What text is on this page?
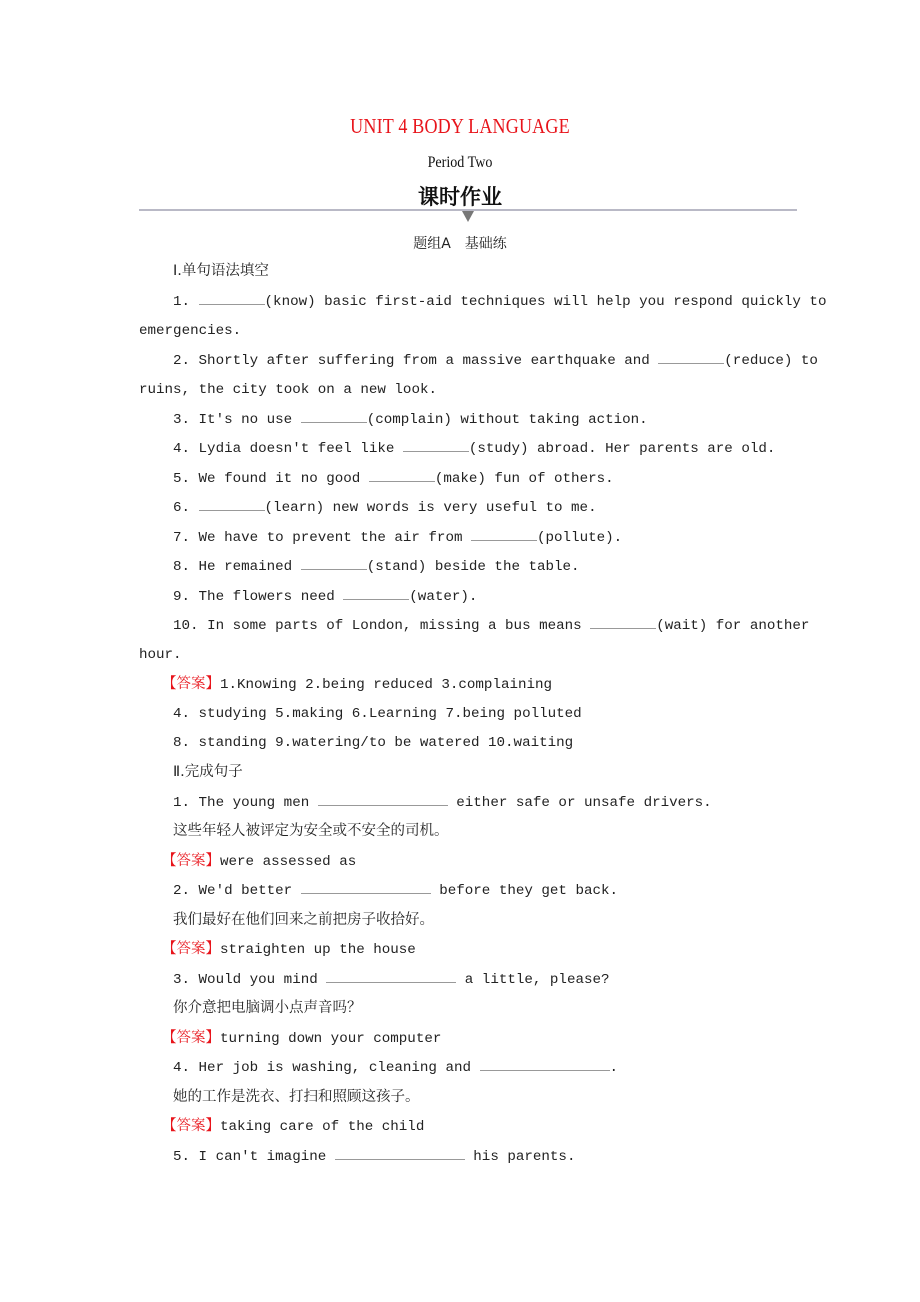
UNIT 4 BODY LANGUAGE
Period Two
课时作业
题组A　基础练
Ⅰ.单句语法填空
1.	(know) basic first-aid techniques will help you respond quickly to
emergencies.
2. Shortly after suffering from a massive earthquake and	(reduce) to
ruins, the city took on a new look.
3. It's no use	(complain) without taking action.
4. Lydia doesn't feel like	(study) abroad. Her parents are old.
5. We found it no good	(make) fun of others.
6.	(learn) new words is very useful to me.
7. We have to prevent the air from	(pollute).
8. He remained	(stand) beside the table.
9. The flowers need	(water).
10. In some parts of London, missing a bus means	(wait) for another
hour.
【答案】1.Knowing 2.being reduced 3.complaining
4. studying 5.making 6.Learning 7.being polluted
8. standing 9.watering/to be watered 10.waiting
Ⅱ.完成句子
1. The young men	either safe or unsafe drivers.
这些年轻人被评定为安全或不安全的司机。
【答案】were assessed as
2. We'd better	before they get back.
我们最好在他们回来之前把房子收拾好。
【答案】straighten up the house
3. Would you mind	a little, please?
你介意把电脑调小点声音吗？
【答案】turning down your computer
4. Her job is washing, cleaning and	.
她的工作是洗衣、打扫和照顾这孩子。
【答案】taking care of the child
5. I can't imagine	his parents.
